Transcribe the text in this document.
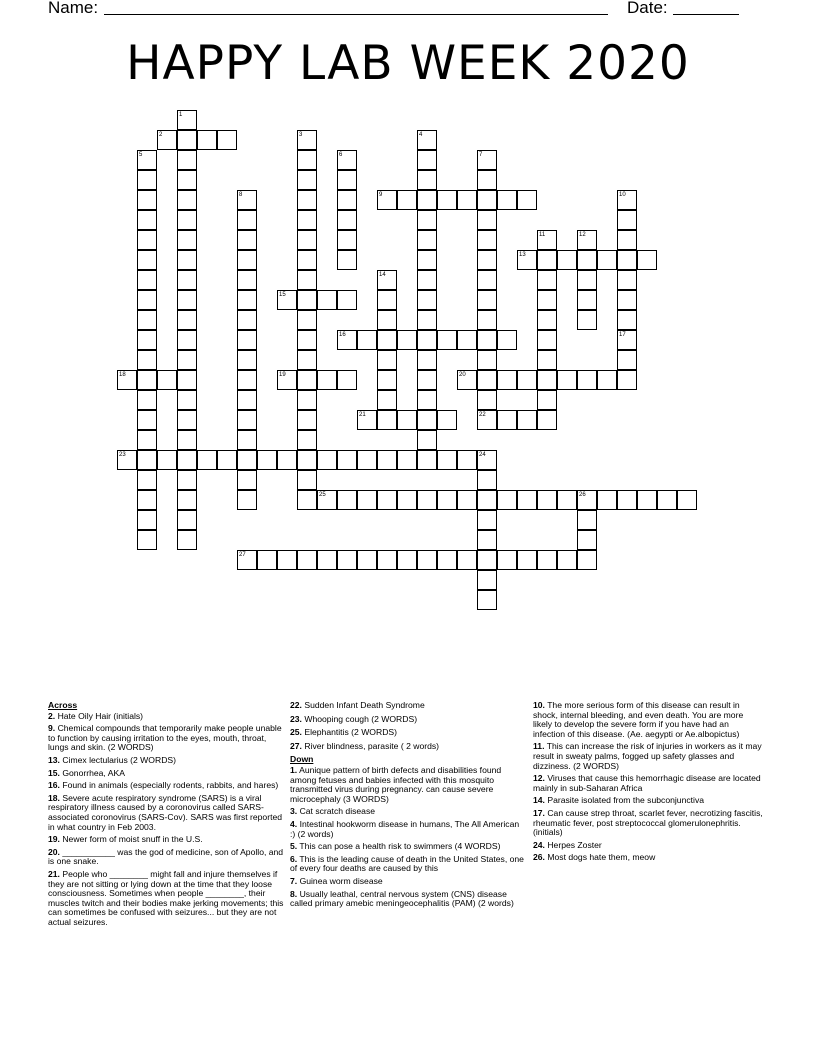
Name:	Date:
HAPPY LAB WEEK 2020
1
2	3	4
5	6	7
22
8	9	10
11	12
13
14
15
16	17
18	19	20
21
23	24
25	26
27

Across

2. Hate Oily Hair (initials)

9. Chemical compounds that temporarily make people unable to function by causing irritation to the eyes, mouth, throat, lungs and skin. (2 WORDS)

13. Cimex lectularius (2 WORDS)

15. Gonorrhea, AKA

16. Found in animals (especially rodents, rabbits, and hares)

18. Severe acute respiratory syndrome (SARS) is a viral respiratory illness caused by a coronovirus called SARS-associated coronovirus (SARS-Cov). SARS was first reported in what country in Feb 2003.

19. Newer form of moist snuff in the U.S.

20. ___________ was the god of medicine, son of Apollo, and is one snake.

21. People who ________ might fall and injure themselves if they are not sitting or lying down at the time that they loose consciousness. Sometimes when people ________, their muscles twitch and their bodies make jerking movements; this can sometimes be confused with seizures... but they are not actual seizures.

22. Sudden Infant Death Syndrome

23. Whooping cough (2 WORDS)

25. Elephantitis (2 WORDS)

27. River blindness, parasite ( 2 words)

Down

1. Aunique pattern of birth defects and disabilities found among fetuses and babies infected with this mosquito transmitted virus during pregnancy. can cause severe microcephaly (3 WORDS)

3. Cat scratch disease

4. Intestinal hookworm disease in humans, The All American :) (2 words)

5. This can pose a health risk to swimmers (4 WORDS)

6. This is the leading cause of death in the United States, one of every four deaths are caused by this

7. Guinea worm disease

8. Usually leathal, central nervous system (CNS) disease called primary amebic meningeocephalitis (PAM) (2 words)

10. The more serious form of this disease can result in shock, internal bleeding, and even death. You are more likely to develop the severe form if you have had an infection of this disease. (Ae. aegypti or Ae.albopictus)

11. This can increase the risk of injuries in workers as it may result in sweaty palms, fogged up safety glasses and dizziness. (2 WORDS)

12. Viruses that cause this hemorrhagic disease are located mainly in sub-Saharan Africa

14. Parasite isolated from the subconjunctiva

17. Can cause strep throat, scarlet fever, necrotizing fascitis, rheumatic fever, post streptococcal glomerulonephritis. (initials)

24. Herpes Zoster

26. Most dogs hate them, meow
